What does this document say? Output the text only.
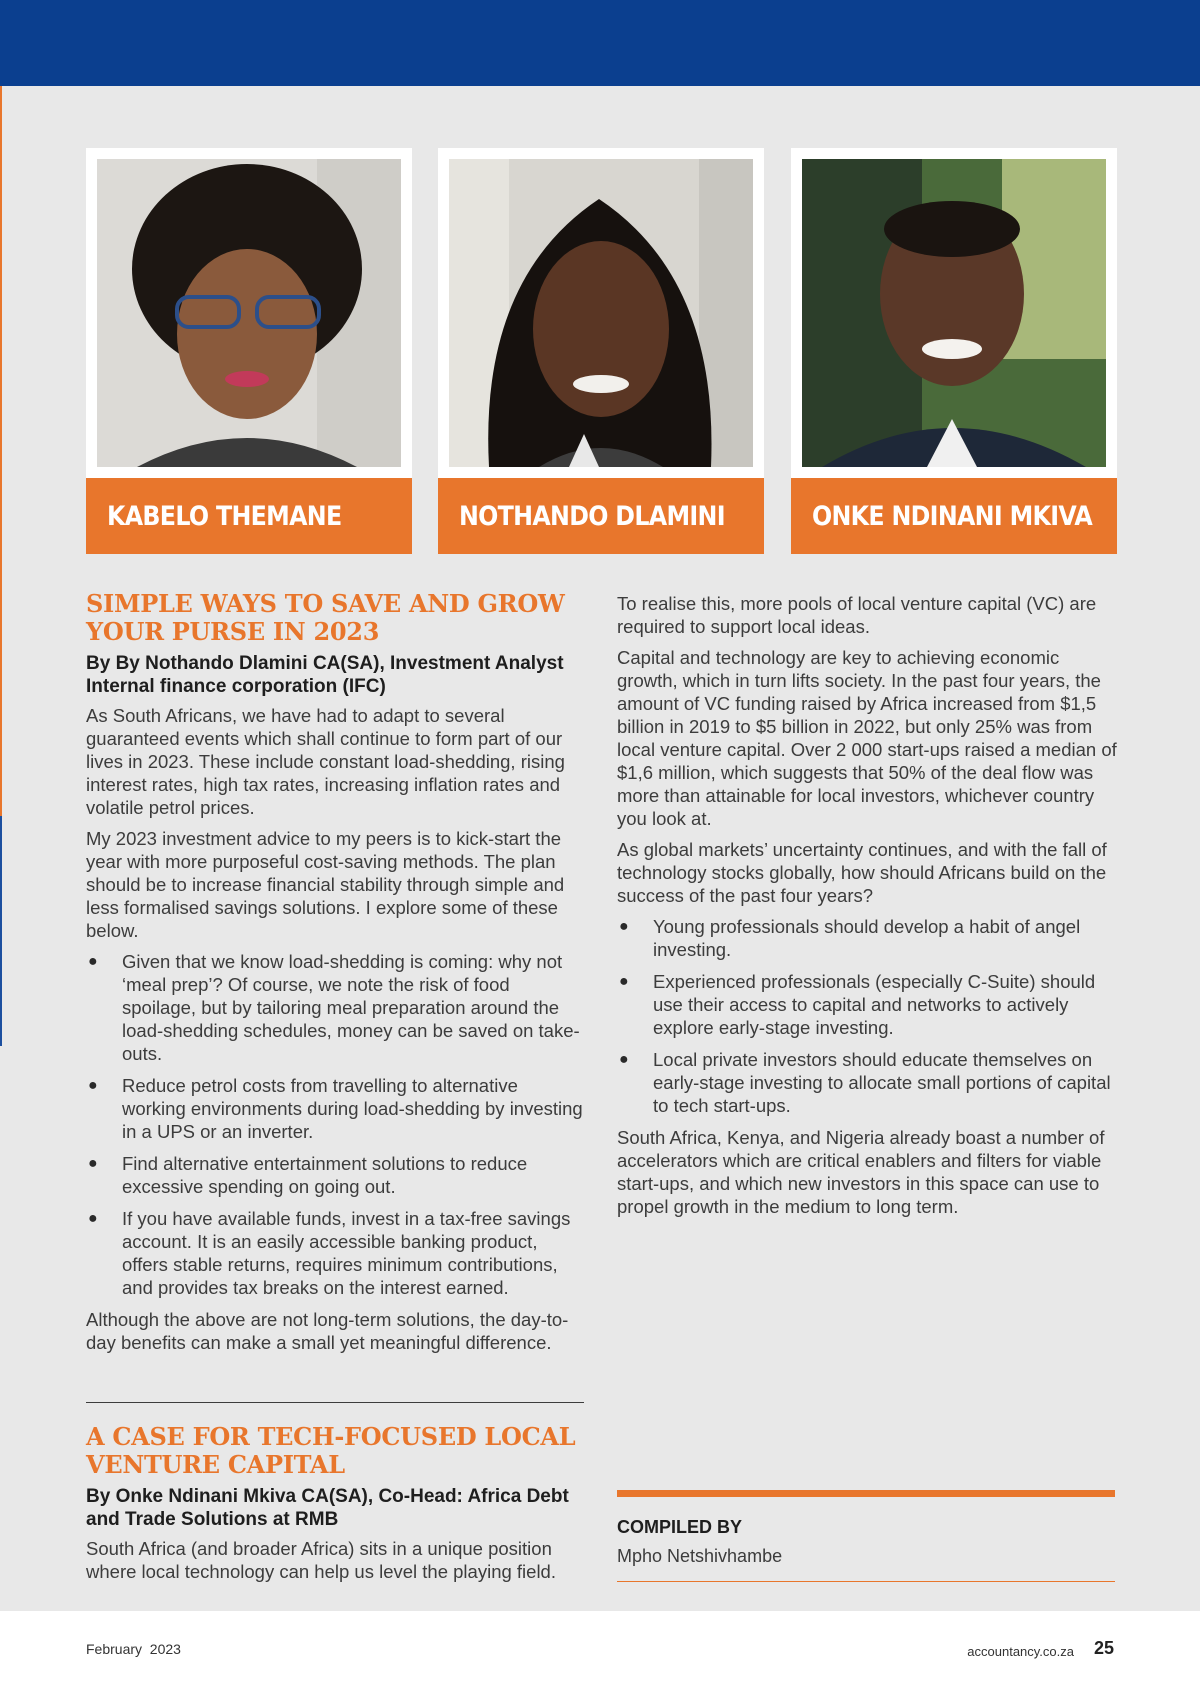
KABELO THEMANE	NOTHANDO DLAMINI	ONKE NDINANI MKIVA
SIMPLE WAYS TO SAVE AND GROW YOUR PURSE IN 2023
By By Nothando Dlamini CA(SA), Investment Analyst Internal finance corporation (IFC)

As South Africans, we have had to adapt to several guaranteed events which shall continue to form part of our lives in 2023. These include constant load-shedding, rising interest rates, high tax rates, increasing inflation rates and volatile petrol prices.

My 2023 investment advice to my peers is to kick-start the year with more purposeful cost-saving methods. The plan should be to increase financial stability through simple and less formalised savings solutions. I explore some of these below.

● Given that we know load-shedding is coming: why not ‘meal prep’? Of course, we note the risk of food spoilage, but by tailoring meal preparation around the load-shedding schedules, money can be saved on take-outs.
● Reduce petrol costs from travelling to alternative working environments during load-shedding by investing in a UPS or an inverter.
● Find alternative entertainment solutions to reduce excessive spending on going out.
● If you have available funds, invest in a tax-free savings account. It is an easily accessible banking product, offers stable returns, requires minimum contributions, and provides tax breaks on the interest earned.

Although the above are not long-term solutions, the day-to-day benefits can make a small yet meaningful difference.

A CASE FOR TECH-FOCUSED LOCAL VENTURE CAPITAL
By Onke Ndinani Mkiva CA(SA), Co-Head: Africa Debt and Trade Solutions at RMB

South Africa (and broader Africa) sits in a unique position where local technology can help us level the playing field.

To realise this, more pools of local venture capital (VC) are required to support local ideas.

Capital and technology are key to achieving economic growth, which in turn lifts society. In the past four years, the amount of VC funding raised by Africa increased from $1,5 billion in 2019 to $5 billion in 2022, but only 25% was from local venture capital. Over 2 000 start-ups raised a median of $1,6 million, which suggests that 50% of the deal flow was more than attainable for local investors, whichever country you look at.

As global markets’ uncertainty continues, and with the fall of technology stocks globally, how should Africans build on the success of the past four years?

● Young professionals should develop a habit of angel investing.
● Experienced professionals (especially C-Suite) should use their access to capital and networks to actively explore early-stage investing.
● Local private investors should educate themselves on early-stage investing to allocate small portions of capital to tech start-ups.

South Africa, Kenya, and Nigeria already boast a number of accelerators which are critical enablers and filters for viable start-ups, and which new investors in this space can use to propel growth in the medium to long term.

COMPILED BY
Mpho Netshivhambe
February  2023	accountancy.co.za 25
